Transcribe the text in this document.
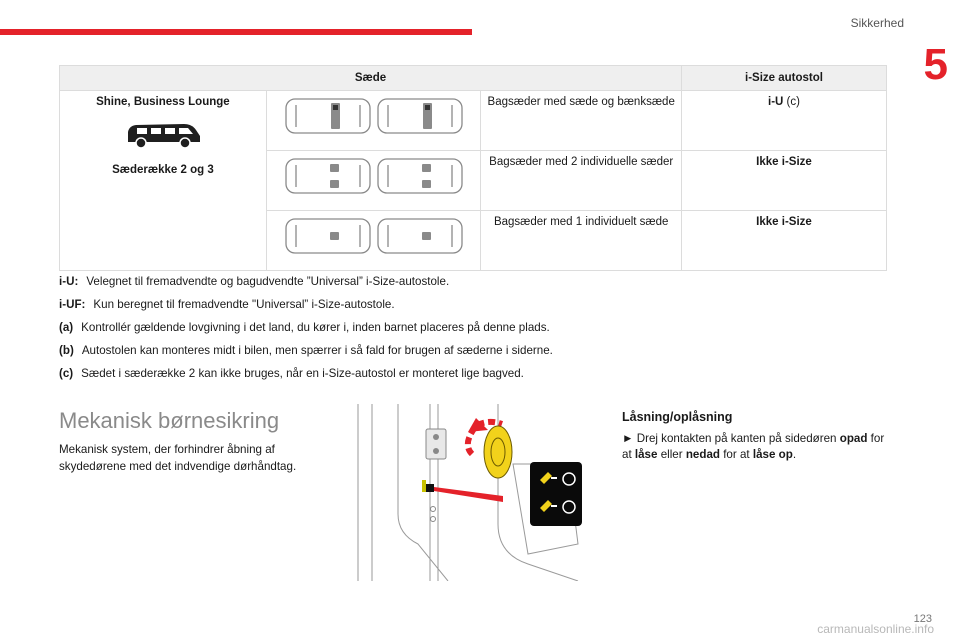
Sikkerhed
5
Sæde			i-Size autostol
Shine, Business Lounge
Sæderække 2 og 3		Bagsæder med sæde og bænksæde	i-U (c)

	Bagsæder med 2 individuelle sæder	Ikke i-Size

	Bagsæder med 1 individuelt sæde	Ikke i-Size

i-U: Velegnet til fremadvendte og bagudvendte ”Universal” i-Size-autostole.

i-UF: Kun beregnet til fremadvendte "Universal” i-Size-autostole.

(a) Kontrollér gældende lovgivning i det land, du kører i, inden barnet placeres på denne plads.

(b) Autostolen kan monteres midt i bilen, men spærrer i så fald for brugen af sæderne i siderne.

(c) Sædet i sæderække 2 kan ikke bruges, når en i-Size-autostol er monteret lige bagved.

Mekanisk børnesikring

Mekanisk system, der forhindrer åbning af skydedørene med det indvendige dørhåndtag.

Låsning/oplåsning

► Drej kontakten på kanten på sidedøren opad for at låse eller nedad for at låse op.

123
carmanualsonline.info
